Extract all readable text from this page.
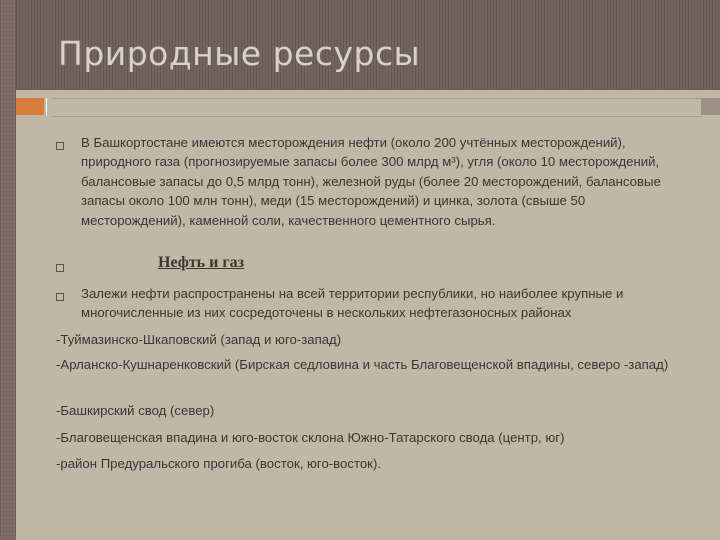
Природные ресурсы
В Башкортостане имеются месторождения нефти (около 200 учтённых месторождений), природного газа (прогнозируемые запасы более 300 млрд м³), угля (около 10 месторождений, балансовые запасы до 0,5 млрд тонн), железной руды (более 20 месторождений, балансовые запасы около 100 млн тонн), меди (15 месторождений) и цинка, золота (свыше 50 месторождений), каменной соли, качественного цементного сырья.
Нефть и газ
Залежи нефти распространены на всей территории республики, но наиболее крупные и многочисленные из них сосредоточены в нескольких нефтегазоносных районах
-Туймазинско-Шкаповский (запад и юго-запад)
-Арланско-Кушнаренковский (Бирская седловина и часть Благовещенской впадины, северо -запад)
-Башкирский свод (север)
-Благовещенская впадина и юго-восток склона Южно-Татарского свода (центр, юг)
-район Предуральского прогиба (восток, юго-восток).
